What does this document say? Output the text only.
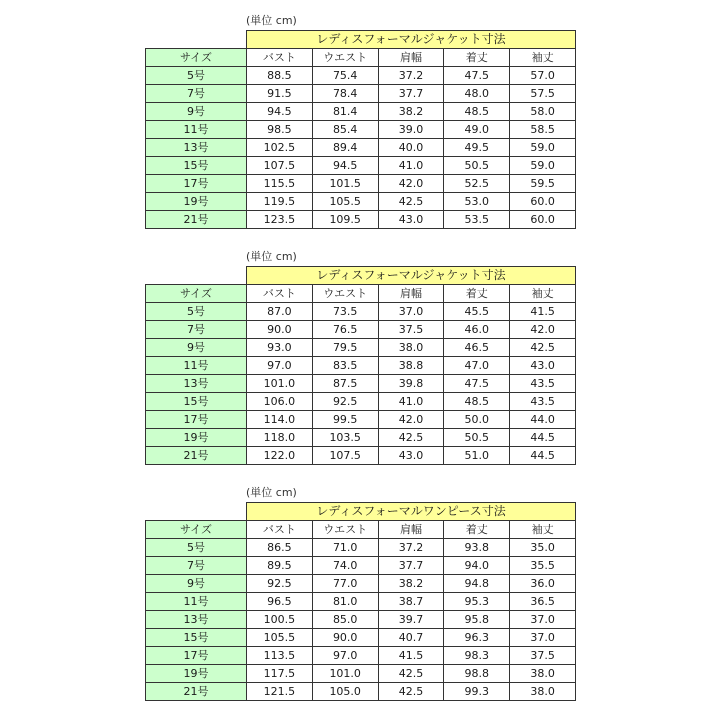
(単位 cm)
	レディスフォーマルジャケット寸法				
サイズ	バスト	ウエスト	肩幅	着丈	袖丈
5号	88.5	75.4	37.2	47.5	57.0
7号	91.5	78.4	37.7	48.0	57.5
9号	94.5	81.4	38.2	48.5	58.0
11号	98.5	85.4	39.0	49.0	58.5
13号	102.5	89.4	40.0	49.5	59.0
15号	107.5	94.5	41.0	50.5	59.0
17号	115.5	101.5	42.0	52.5	59.5
19号	119.5	105.5	42.5	53.0	60.0
21号	123.5	109.5	43.0	53.5	60.0
(単位 cm)
	レディスフォーマルジャケット寸法				
サイズ	バスト	ウエスト	肩幅	着丈	袖丈
5号	87.0	73.5	37.0	45.5	41.5
7号	90.0	76.5	37.5	46.0	42.0
9号	93.0	79.5	38.0	46.5	42.5
11号	97.0	83.5	38.8	47.0	43.0
13号	101.0	87.5	39.8	47.5	43.5
15号	106.0	92.5	41.0	48.5	43.5
17号	114.0	99.5	42.0	50.0	44.0
19号	118.0	103.5	42.5	50.5	44.5
21号	122.0	107.5	43.0	51.0	44.5
(単位 cm)
	レディスフォーマルワンピース寸法				
サイズ	バスト	ウエスト	肩幅	着丈	袖丈
5号	86.5	71.0	37.2	93.8	35.0
7号	89.5	74.0	37.7	94.0	35.5
9号	92.5	77.0	38.2	94.8	36.0
11号	96.5	81.0	38.7	95.3	36.5
13号	100.5	85.0	39.7	95.8	37.0
15号	105.5	90.0	40.7	96.3	37.0
17号	113.5	97.0	41.5	98.3	37.5
19号	117.5	101.0	42.5	98.8	38.0
21号	121.5	105.0	42.5	99.3	38.0
